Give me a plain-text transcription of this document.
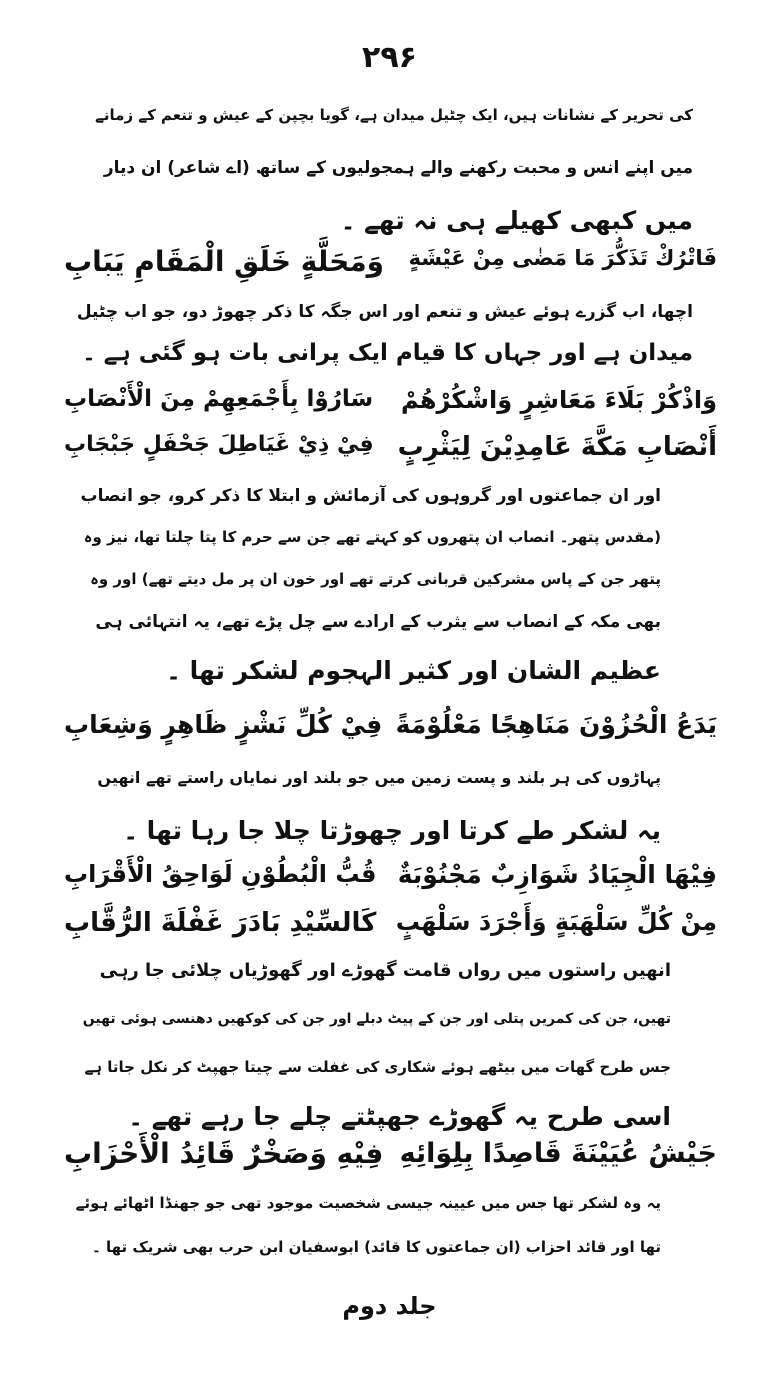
۲۹۶
کی تحریر کے نشانات ہیں، ایک چٹیل میدان ہے، گویا بچپن کے عیش و تنعم کے زمانے
میں اپنے انس و محبت رکھنے والے ہمجولیوں کے ساتھ (اے شاعر) ان دیار
میں کبھی کھیلے ہی نہ تھے ۔
فَاتْرُكْ تَذَكُّرَ مَا مَضٰى مِنْ عَيْشَةٍ
وَمَحَلَّةٍ خَلَقِ الْمَقَامِ يَبَابِ
اچھا، اب گزرے ہوئے عیش و تنعم اور اس جگہ کا ذکر چھوڑ دو، جو اب چٹیل
میدان ہے اور جہاں کا قیام ایک پرانی بات ہو گئی ہے ۔
وَاذْكُرْ بَلَاءَ مَعَاشِرٍ وَاشْكُرْهُمْ
سَارُوْا بِأَجْمَعِهِمْ مِنَ الْأَنْصَابِ
أَنْصَابِ مَكَّةَ عَامِدِيْنَ لِيَثْرِبٍ
فِيْ ذِيْ غَيَاطِلَ جَحْفَلٍ جَبْجَابِ
اور ان جماعتوں اور گروہوں کی آزمائش و ابتلا کا ذکر کرو، جو انصاب
(مقدس پتھر۔ انصاب ان پتھروں کو کہتے تھے جن سے حرم کا پتا چلتا تھا، نیز وہ
پتھر جن کے پاس مشرکین قربانی کرتے تھے اور خون ان پر مل دیتے تھے) اور وہ
بھی مکہ کے انصاب سے یثرب کے ارادے سے چل پڑے تھے، یہ انتہائی ہی
عظیم الشان اور کثیر الہجوم لشکر تھا ۔
يَدَعُ الْحُزُوْنَ مَنَاهِجًا مَعْلُوْمَةً
فِيْ كُلِّ نَشْزٍ ظَاهِرٍ وَشِعَابِ
پہاڑوں کی ہر بلند و پست زمین میں جو بلند اور نمایاں راستے تھے انھیں
یہ لشکر طے کرتا اور چھوڑتا چلا جا رہا تھا ۔
فِيْهَا الْجِيَادُ شَوَازِبٌ مَجْنُوْبَةٌ
قُبُّ الْبُطُوْنِ لَوَاحِقُ الْأَقْرَابِ
مِنْ كُلِّ سَلْهَبَةٍ وَأَجْرَدَ سَلْهَبٍ
كَالسِّيْدِ بَادَرَ غَفْلَةَ الرُّقَّابِ
انھیں راستوں میں رواں قامت گھوڑے اور گھوڑیاں چلائی جا رہی
تھیں، جن کی کمریں پتلی اور جن کے پیٹ دبلے اور جن کی کوکھیں دھنسی ہوئی تھیں
جس طرح گھات میں بیٹھے ہوئے شکاری کی غفلت سے چیتا جھپٹ کر نکل جاتا ہے
اسی طرح یہ گھوڑے جھپٹتے چلے جا رہے تھے ۔
جَيْشُ عُيَيْنَةَ قَاصِدًا بِلِوَائِهِ
فِيْهِ وَصَخْرٌ قَائِدُ الْأَحْزَابِ
یہ وہ لشکر تھا جس میں عیینہ جیسی شخصیت موجود تھی جو جھنڈا اٹھائے ہوئے
تھا اور قائد احزاب (ان جماعتوں کا قائد) ابوسفیان ابن حرب بھی شریک تھا ۔
جلد دوم
